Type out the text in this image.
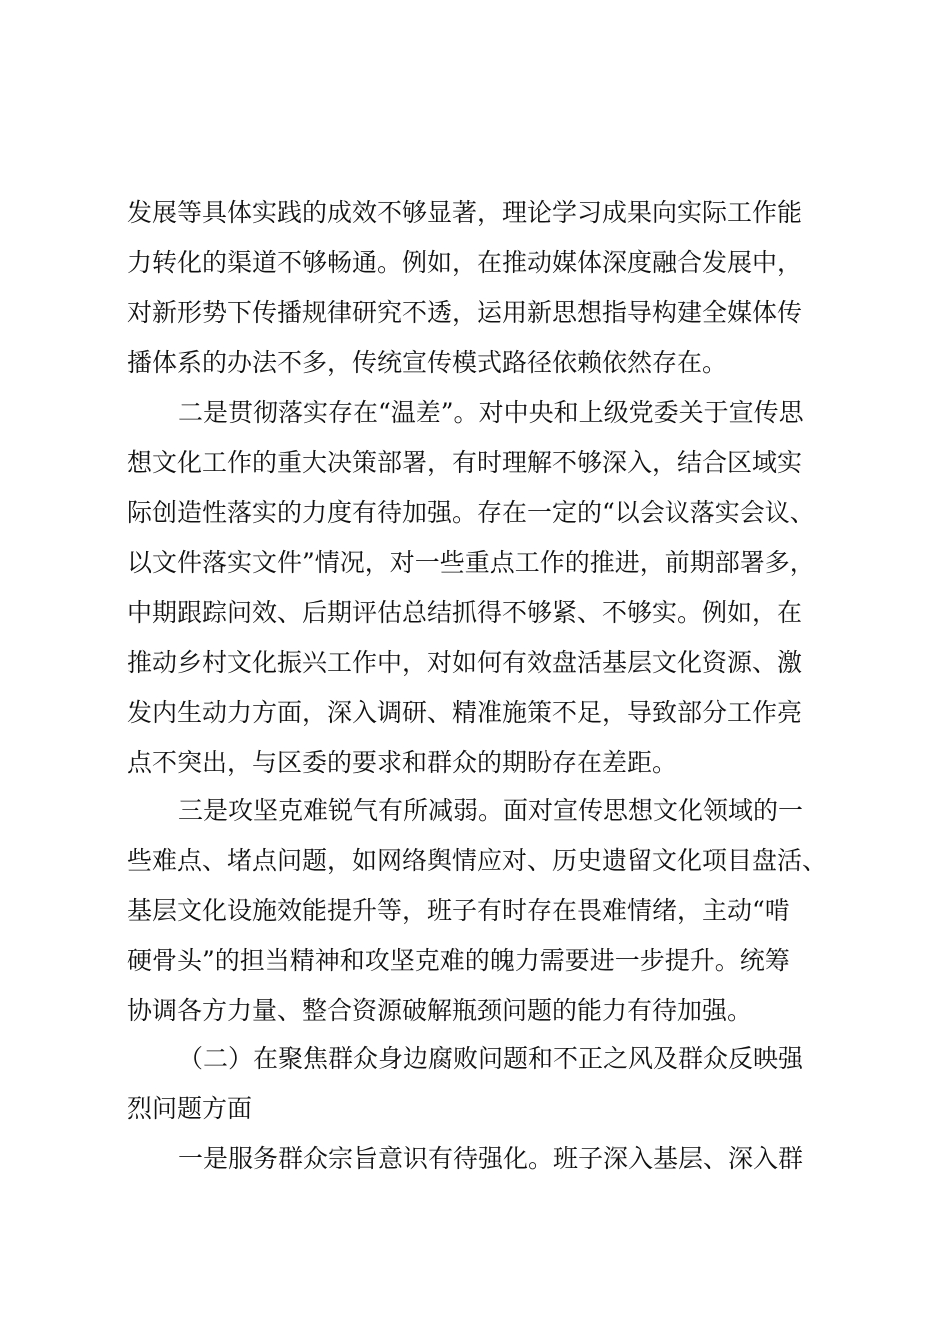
发展等具体实践的成效不够显著，理论学习成果向实际工作能
力转化的渠道不够畅通。例如，在推动媒体深度融合发展中，
对新形势下传播规律研究不透，运用新思想指导构建全媒体传
播体系的办法不多，传统宣传模式路径依赖依然存在。
二是贯彻落实存在“温差”。对中央和上级党委关于宣传思
想文化工作的重大决策部署，有时理解不够深入，结合区域实
际创造性落实的力度有待加强。存在一定的“以会议落实会议、
以文件落实文件”情况，对一些重点工作的推进，前期部署多，
中期跟踪问效、后期评估总结抓得不够紧、不够实。例如，在
推动乡村文化振兴工作中，对如何有效盘活基层文化资源、激
发内生动力方面，深入调研、精准施策不足，导致部分工作亮
点不突出，与区委的要求和群众的期盼存在差距。
三是攻坚克难锐气有所减弱。面对宣传思想文化领域的一
些难点、堵点问题，如网络舆情应对、历史遗留文化项目盘活、
基层文化设施效能提升等，班子有时存在畏难情绪，主动“啃
硬骨头”的担当精神和攻坚克难的魄力需要进一步提升。统筹
协调各方力量、整合资源破解瓶颈问题的能力有待加强。
（二）在聚焦群众身边腐败问题和不正之风及群众反映强
烈问题方面
一是服务群众宗旨意识有待强化。班子深入基层、深入群
